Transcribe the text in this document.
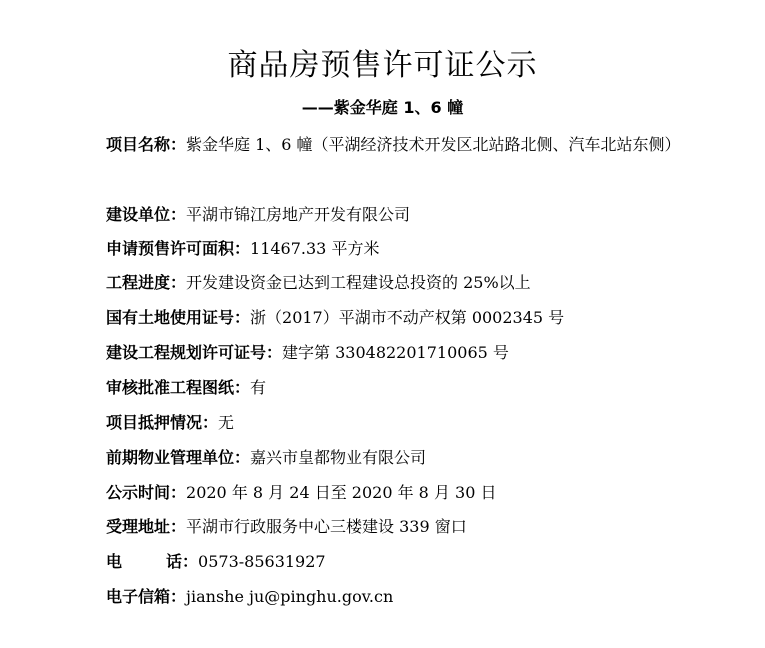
商品房预售许可证公示
——紫金华庭 1、6 幢
项目名称：紫金华庭 1、6 幢（平湖经济技术开发区北站路北侧、汽车北站东侧）
建设单位：平湖市锦江房地产开发有限公司
申请预售许可面积：11467.33 平方米
工程进度：开发建设资金已达到工程建设总投资的 25%以上
国有土地使用证号：浙（2017）平湖市不动产权第 0002345 号
建设工程规划许可证号：建字第 330482201710065 号
审核批准工程图纸：有
项目抵押情况：无
前期物业管理单位：嘉兴市皇都物业有限公司
公示时间：2020 年 8 月 24 日至 2020 年 8 月 30 日
受理地址：平湖市行政服务中心三楼建设 339 窗口
电	话：0573-85631927
电子信箱：jianshe ju@pinghu.gov.cn
